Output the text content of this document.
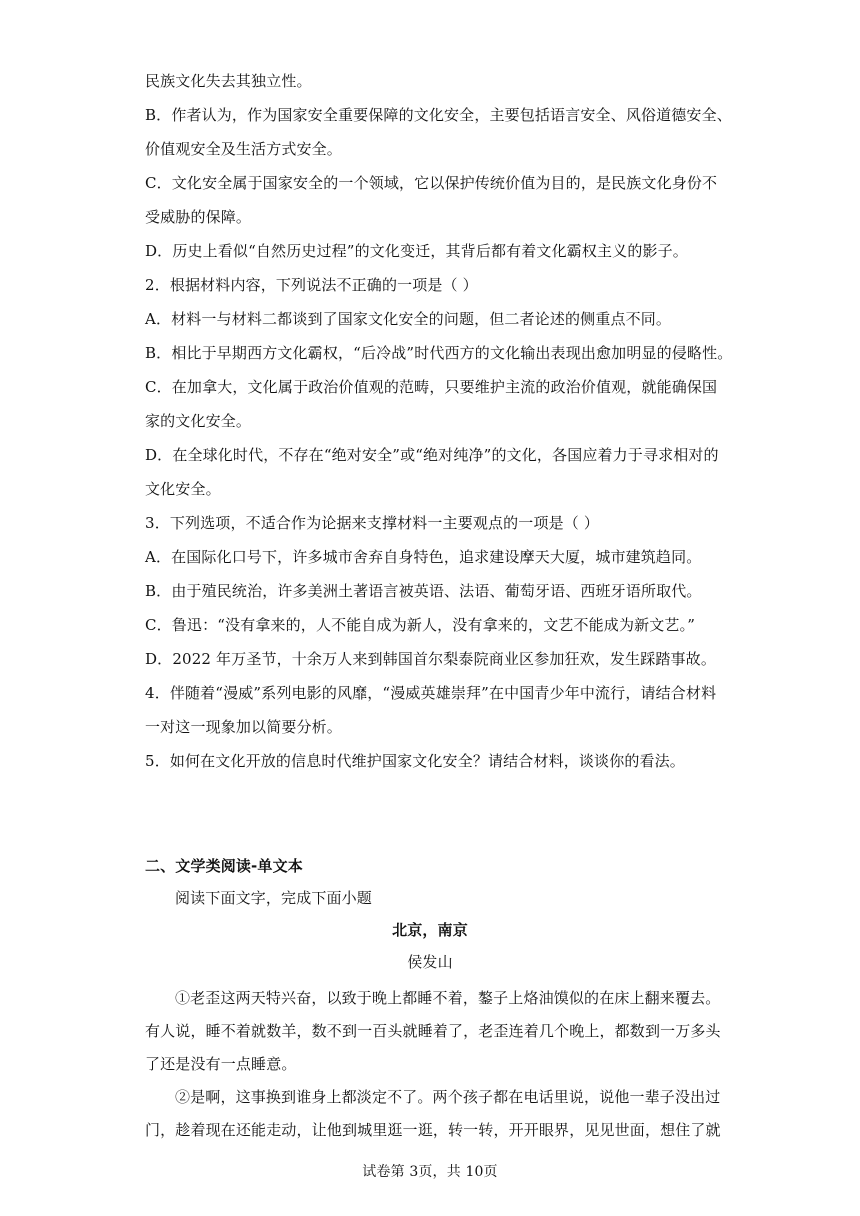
民族文化失去其独立性。
B．作者认为，作为国家安全重要保障的文化安全，主要包括语言安全、风俗道德安全、
价值观安全及生活方式安全。
C．文化安全属于国家安全的一个领域，它以保护传统价值为目的，是民族文化身份不
受威胁的保障。
D．历史上看似“自然历史过程”的文化变迁，其背后都有着文化霸权主义的影子。
2．根据材料内容，下列说法不正确的一项是（ ）
A．材料一与材料二都谈到了国家文化安全的问题，但二者论述的侧重点不同。
B．相比于早期西方文化霸权，“后冷战”时代西方的文化输出表现出愈加明显的侵略性。
C．在加拿大，文化属于政治价值观的范畴，只要维护主流的政治价值观，就能确保国
家的文化安全。
D．在全球化时代，不存在“绝对安全”或“绝对纯净”的文化，各国应着力于寻求相对的
文化安全。
3．下列选项，不适合作为论据来支撑材料一主要观点的一项是（ ）
A．在国际化口号下，许多城市舍弃自身特色，追求建设摩天大厦，城市建筑趋同。
B．由于殖民统治，许多美洲土著语言被英语、法语、葡萄牙语、西班牙语所取代。
C．鲁迅：“没有拿来的，人不能自成为新人，没有拿来的，文艺不能成为新文艺。”
D．2022 年万圣节，十余万人来到韩国首尔梨泰院商业区参加狂欢，发生踩踏事故。
4．伴随着“漫威”系列电影的风靡，“漫威英雄崇拜”在中国青少年中流行，请结合材料
一对这一现象加以简要分析。
5．如何在文化开放的信息时代维护国家文化安全？请结合材料，谈谈你的看法。
二、文学类阅读-单文本
阅读下面文字，完成下面小题
北京，南京
侯发山
①老歪这两天特兴奋，以致于晚上都睡不着，鏊子上烙油馍似的在床上翻来覆去。
有人说，睡不着就数羊，数不到一百头就睡着了，老歪连着几个晚上，都数到一万多头
了还是没有一点睡意。
②是啊，这事换到谁身上都淡定不了。两个孩子都在电话里说，说他一辈子没出过
门，趁着现在还能走动，让他到城里逛一逛，转一转，开开眼界，见见世面，想住了就
试卷第 3页，共 10页
